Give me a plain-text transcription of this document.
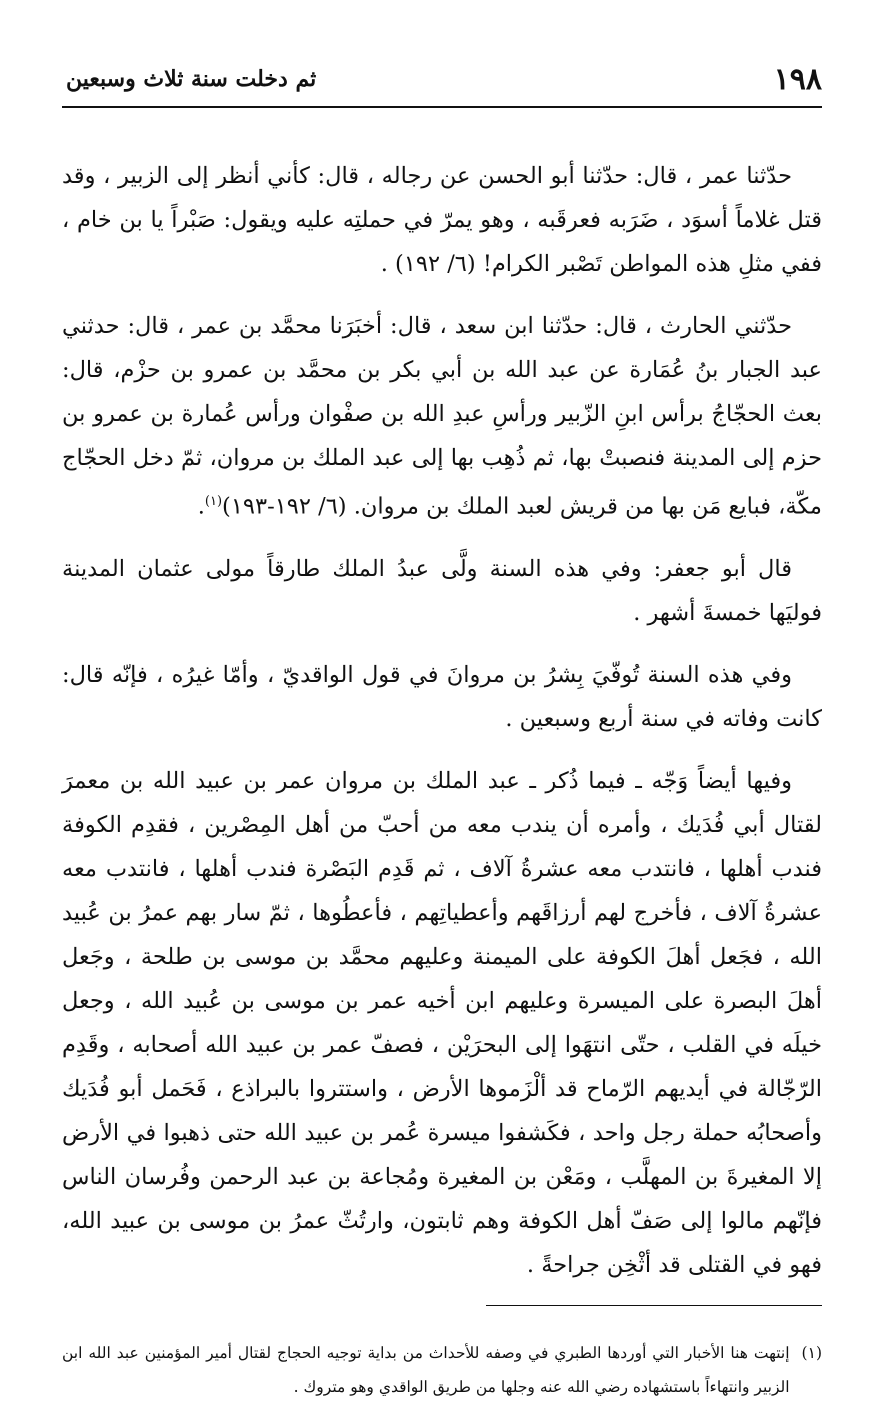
١٩٨
ثم دخلت سنة ثلاث وسبعين

حدّثنا عمر ، قال: حدّثنا أبو الحسن عن رجاله ، قال: كأني أنظر إلى الزبير ، وقد قتل غلاماً أسوَد ، ضَرَبه فعرقَبه ، وهو يمرّ في حملتِه عليه ويقول: صَبْراً يا بن خام ، ففي مثلِ هذه المواطن تَصْبر الكرام! (٦/ ١٩٢) .

حدّثني الحارث ، قال: حدّثنا ابن سعد ، قال: أخبَرَنا محمَّد بن عمر ، قال: حدثني عبد الجبار بنُ عُمَارة عن عبد الله بن أبي بكر بن محمَّد بن عمرو بن حزْم، قال: بعث الحجّاجُ برأس ابنِ الزّبير ورأسِ عبدِ الله بن صفْوان ورأس عُمارة بن عمرو بن حزم إلى المدينة فنصبتْ بها، ثم ذُهِب بها إلى عبد الملك بن مروان، ثمّ دخل الحجّاج مكّة، فبايع مَن بها من قريش لعبد الملك بن مروان. (٦/ ١٩٢-١٩٣)$^{(١)}$.

قال أبو جعفر: وفي هذه السنة ولَّى عبدُ الملك طارقاً مولى عثمان المدينة فوليَها خمسةَ أشهر .

وفي هذه السنة تُوفّيَ بِشرُ بن مروانَ في قول الواقديّ ، وأمّا غيرُه ، فإنّه قال: كانت وفاته في سنة أربع وسبعين .

وفيها أيضاً وَجّه ـ فيما ذُكر ـ عبد الملك بن مروان عمر بن عبيد الله بن معمرَ لقتال أبي فُدَيك ، وأمره أن يندب معه من أحبّ من أهل المِصْرين ، فقدِم الكوفة فندب أهلها ، فانتدب معه عشرةُ آلاف ، ثم قَدِم البَصْرة فندب أهلها ، فانتدب معه عشرةُ آلاف ، فأخرج لهم أرزاقَهم وأعطياتِهم ، فأعطُوها ، ثمّ سار بهم عمرُ بن عُبيد الله ، فجَعل أهلَ الكوفة على الميمنة وعليهم محمَّد بن موسى بن طلحة ، وجَعل أهلَ البصرة على الميسرة وعليهم ابن أخيه عمر بن موسى بن عُبيد الله ، وجعل خيلَه في القلب ، حتّى انتهَوا إلى البحرَيْن ، فصفّ عمر بن عبيد الله أصحابه ، وقَدِم الرّجّالة في أيديهم الرّماح قد ألْزَموها الأرض ، واستتروا بالبراذع ، فَحَمل أبو فُدَيك وأصحابُه حملة رجل واحد ، فكَشفوا ميسرة عُمر بن عبيد الله حتى ذهبوا في الأرض إلا المغيرةَ بن المهلَّب ، ومَعْن بن المغيرة ومُجاعة بن عبد الرحمن وفُرسان الناس فإنّهم مالوا إلى صَفّ أهل الكوفة وهم ثابتون، وارتُثّ عمرُ بن موسى بن عبيد الله، فهو في القتلى قد أثْخِن جراحةً .

(١)
إنتهت هنا الأخبار التي أوردها الطبري في وصفه للأحداث من بداية توجيه الحجاج لقتال أمير المؤمنين عبد الله ابن الزبير وانتهاءاً باستشهاده رضي الله عنه وجلها من طريق الواقدي وهو متروك .
